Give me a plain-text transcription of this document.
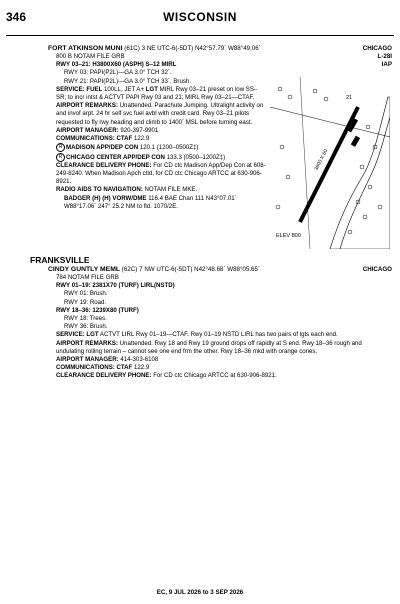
346	WISCONSIN
FORT ATKINSON MUNI (61C) 3 NE UTC-6(-5DT) N42°57.79´ W88°49.06´	CHICAGO
L-28I
IAP
800 B NOTAM FILE GRB
RWY 03–21: H3800X60 (ASPH) S–12 MIRL
RWY 03: PAPI(P2L)—GA 3.0° TCH 32´.
RWY 21: PAPI(P2L)—GA 3.0° TCH 33´. Brush.
SERVICE: FUEL 100LL, JET A+ LGT MIRL Rwy 03–21 preset on low SS–SR; to incr intst & ACTVT PAPI Rwy 03 and 21; MIRL Rwy 03–21—CTAF.
AIRPORT REMARKS: Unattended. Parachute Jumping. Ultralight activity on and invof arpt. 24 hr self svc fuel avbl with credit card. Rwy 03–21 pilots requested to fly rwy heading and climb to 1400´ MSL before turning east.
AIRPORT MANAGER: 920-397-9901
COMMUNICATIONS: CTAF 122.9
R MADISON APP/DEP CON 120.1 (1200–0500Z‡)
R CHICAGO CENTER APP/DEP CON 133.3 (0500–1200Z‡)
CLEARANCE DELIVERY PHONE: For CD ctc Madison App/Dep Con at 608-249-8240. When Madison Apch ctld, for CD ctc Chicago ARTCC at 630-906-8921.
RADIO AIDS TO NAVIGATION: NOTAM FILE MKE.
BADGER (H) (H) VORW/DME 116.4 BAE Chan 111 N43°07.01´
W88°17.06´ 247° 25.2 NM to fld. 1070/2E.
21
3800 X 60
ELEV 800
FRANKSVILLE
CINDY GUNTLY MEML (62C) 7 NW UTC-6(-5DT) N42°48.68´ W88°05.65´	CHICAGO
784 NOTAM FILE GRB
RWY 01–19: 2381X70 (TURF) LIRL(NSTD)
RWY 01: Brush.
RWY 19: Road.
RWY 18–36: 1239X80 (TURF)
RWY 18: Trees.
RWY 36: Brush.
SERVICE: LGT ACTVT LIRL Rwy 01–19—CTAF. Rwy 01–19 NSTD LIRL has two pairs of lgts each end.
AIRPORT REMARKS: Unattended. Rwy 18 and Rwy 19 ground drops off rapidly at S end. Rwy 18–36 rough and undulating rolling terrain – cannot see one end frm the other. Rwy 18–36 mkd with orange cones.
AIRPORT MANAGER: 414-303-6108
COMMUNICATIONS: CTAF 122.9
CLEARANCE DELIVERY PHONE: For CD ctc Chicago ARTCC at 630-906-8921.
EC, 9 JUL 2026 to 3 SEP 2026
